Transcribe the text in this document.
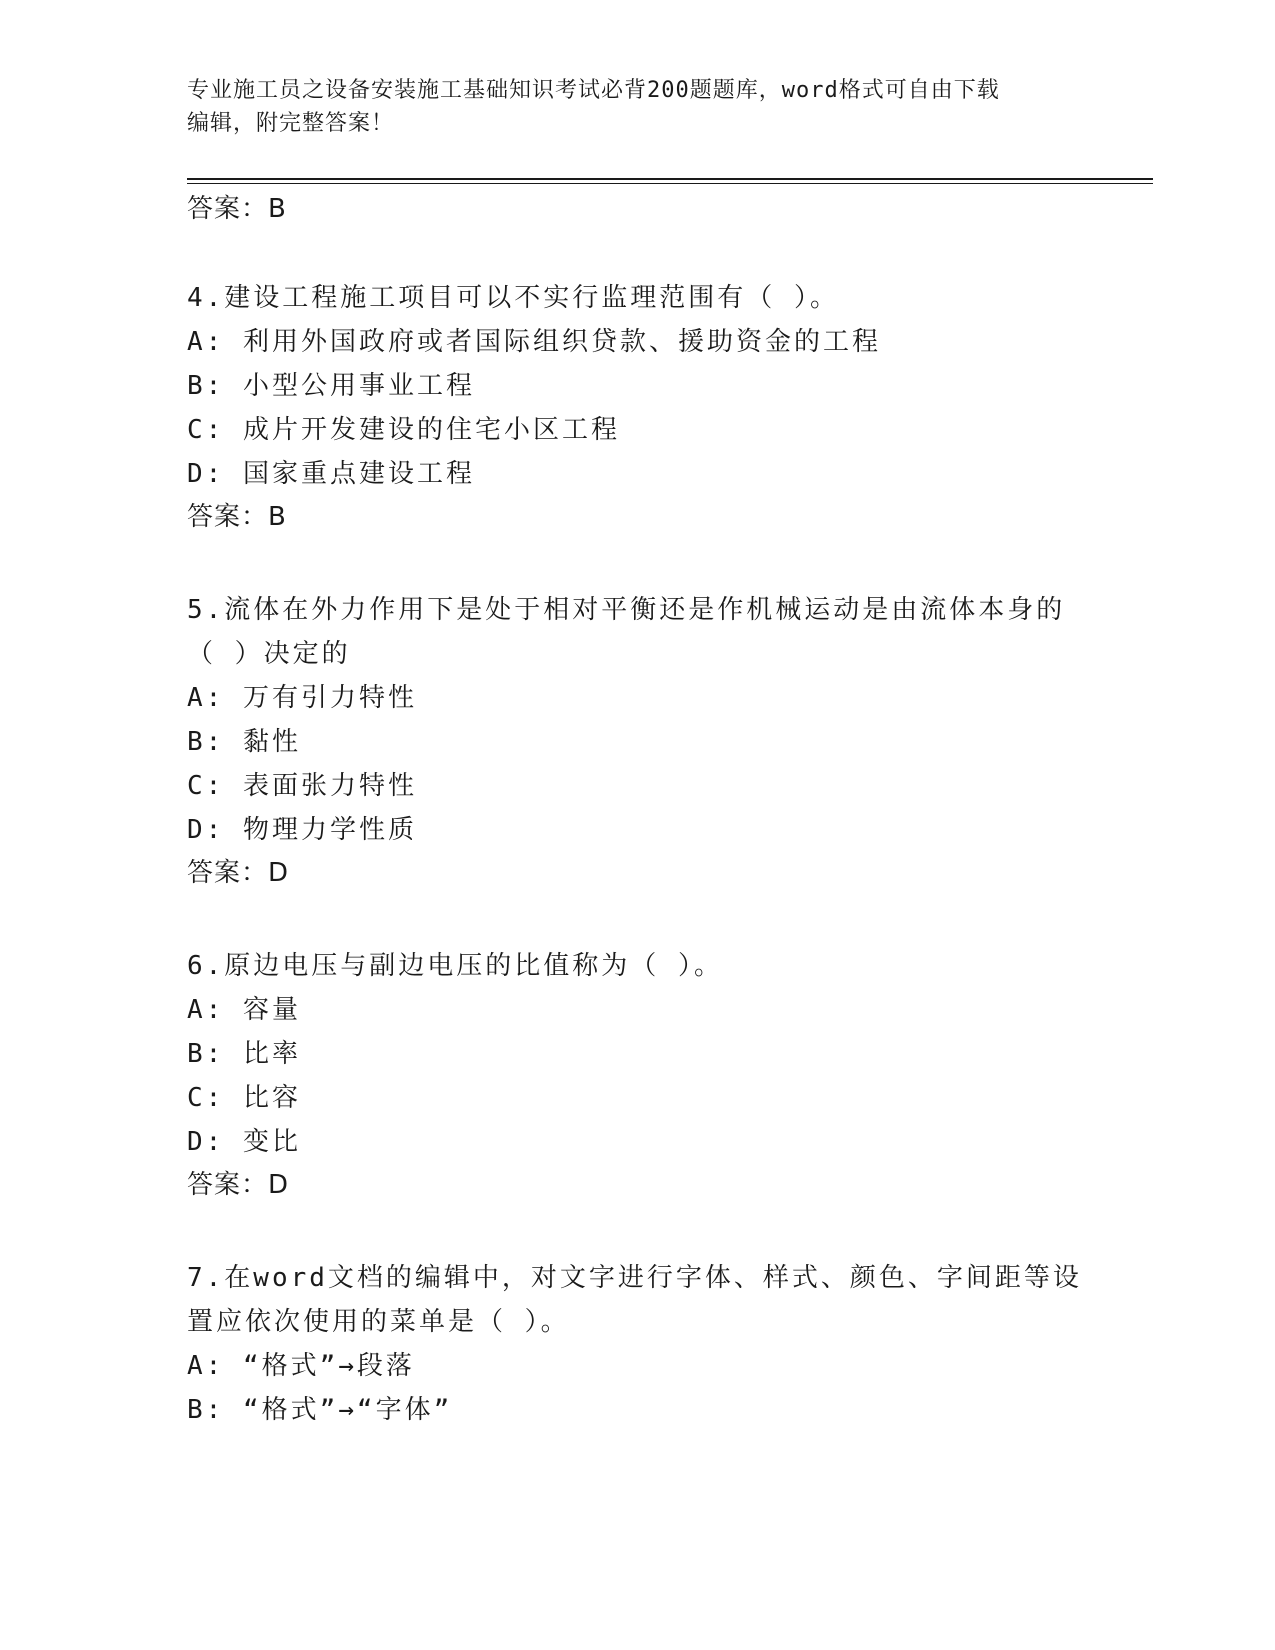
专业施工员之设备安装施工基础知识考试必背200题题库，word格式可自由下载
编辑，附完整答案！
答案：B
4.建设工程施工项目可以不实行监理范围有（ ）。
A: 利用外国政府或者国际组织贷款、援助资金的工程
B: 小型公用事业工程
C: 成片开发建设的住宅小区工程
D: 国家重点建设工程
答案：B
5.流体在外力作用下是处于相对平衡还是作机械运动是由流体本身的
（ ）决定的
A: 万有引力特性
B: 黏性
C: 表面张力特性
D: 物理力学性质
答案：D
6.原边电压与副边电压的比值称为（ ）。
A: 容量
B: 比率
C: 比容
D: 变比
答案：D
7.在word文档的编辑中，对文字进行字体、样式、颜色、字间距等设
置应依次使用的菜单是（ ）。
A: “格式”→段落
B: “格式”→“字体”
